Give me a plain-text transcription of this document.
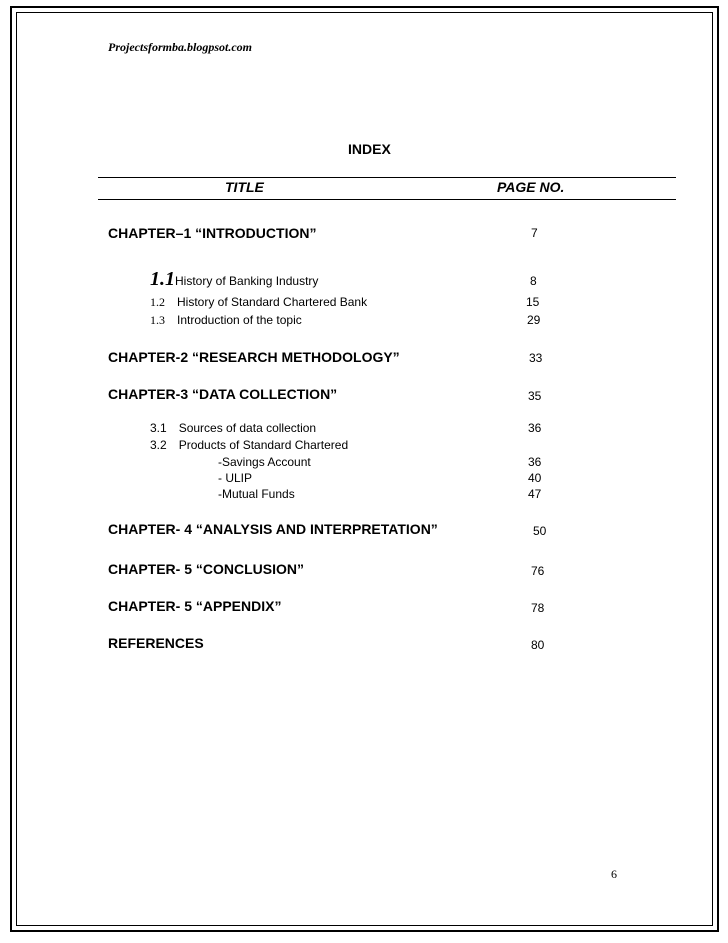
Projectsformba.blogpsot.com
INDEX
TITLE	PAGE NO.
CHAPTER–1 “INTRODUCTION”	7
1.1History of Banking Industry	8
1.2 History of Standard Chartered Bank	15
1.3 Introduction of the topic	29
CHAPTER-2 “RESEARCH METHODOLOGY”	33
CHAPTER-3 “DATA COLLECTION”	35
3.1 Sources of data collection	36
3.2 Products of Standard Chartered
-Savings Account	36
- ULIP	40
-Mutual Funds	47
CHAPTER- 4 “ANALYSIS AND INTERPRETATION”	50
CHAPTER- 5 “CONCLUSION”	76
CHAPTER- 5 “APPENDIX”	78
REFERENCES	80
6
